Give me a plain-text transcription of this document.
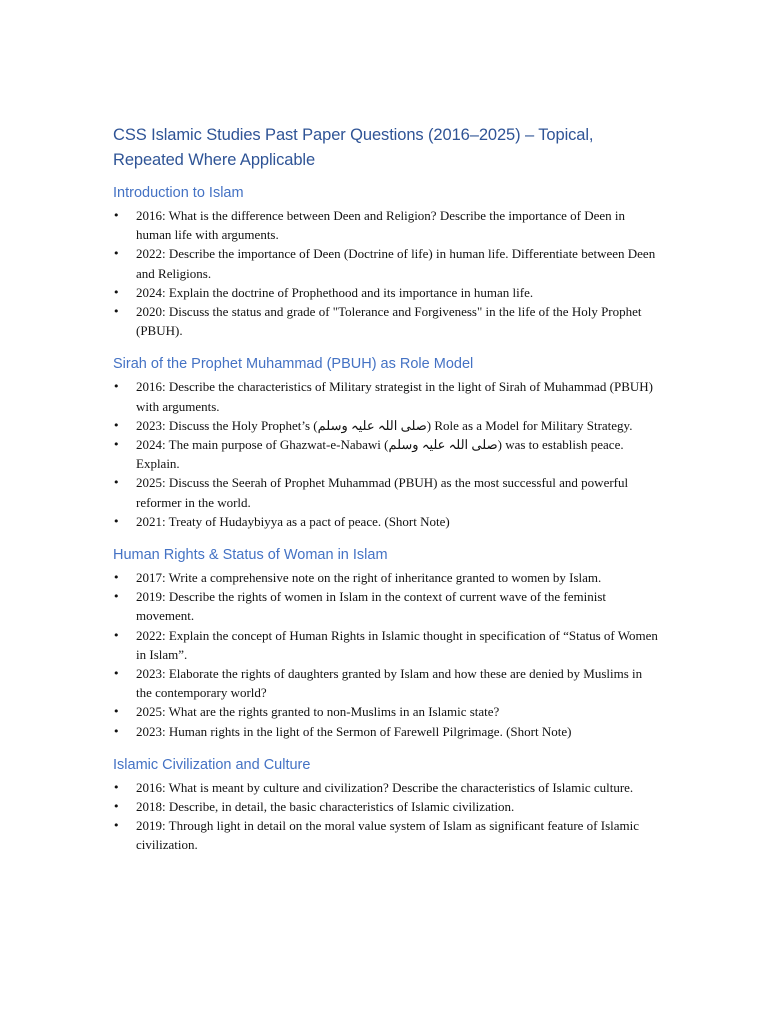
CSS Islamic Studies Past Paper Questions (2016–2025) – Topical, Repeated Where Applicable
Introduction to Islam
• 2016: What is the difference between Deen and Religion? Describe the importance of Deen in human life with arguments.
• 2022: Describe the importance of Deen (Doctrine of life) in human life. Differentiate between Deen and Religions.
• 2024: Explain the doctrine of Prophethood and its importance in human life.
• 2020: Discuss the status and grade of "Tolerance and Forgiveness" in the life of the Holy Prophet (PBUH).
Sirah of the Prophet Muhammad (PBUH) as Role Model
• 2016: Describe the characteristics of Military strategist in the light of Sirah of Muhammad (PBUH) with arguments.
• 2023: Discuss the Holy Prophet’s (صلی اللہ علیہ وسلم) Role as a Model for Military Strategy.
• 2024: The main purpose of Ghazwat-e-Nabawi (صلی اللہ علیہ وسلم) was to establish peace. Explain.
• 2025: Discuss the Seerah of Prophet Muhammad (PBUH) as the most successful and powerful reformer in the world.
• 2021: Treaty of Hudaybiyya as a pact of peace. (Short Note)
Human Rights & Status of Woman in Islam
• 2017: Write a comprehensive note on the right of inheritance granted to women by Islam.
• 2019: Describe the rights of women in Islam in the context of current wave of the feminist movement.
• 2022: Explain the concept of Human Rights in Islamic thought in specification of “Status of Women in Islam”.
• 2023: Elaborate the rights of daughters granted by Islam and how these are denied by Muslims in the contemporary world?
• 2025: What are the rights granted to non-Muslims in an Islamic state?
• 2023: Human rights in the light of the Sermon of Farewell Pilgrimage. (Short Note)
Islamic Civilization and Culture
• 2016: What is meant by culture and civilization? Describe the characteristics of Islamic culture.
• 2018: Describe, in detail, the basic characteristics of Islamic civilization.
• 2019: Through light in detail on the moral value system of Islam as significant feature of Islamic civilization.
